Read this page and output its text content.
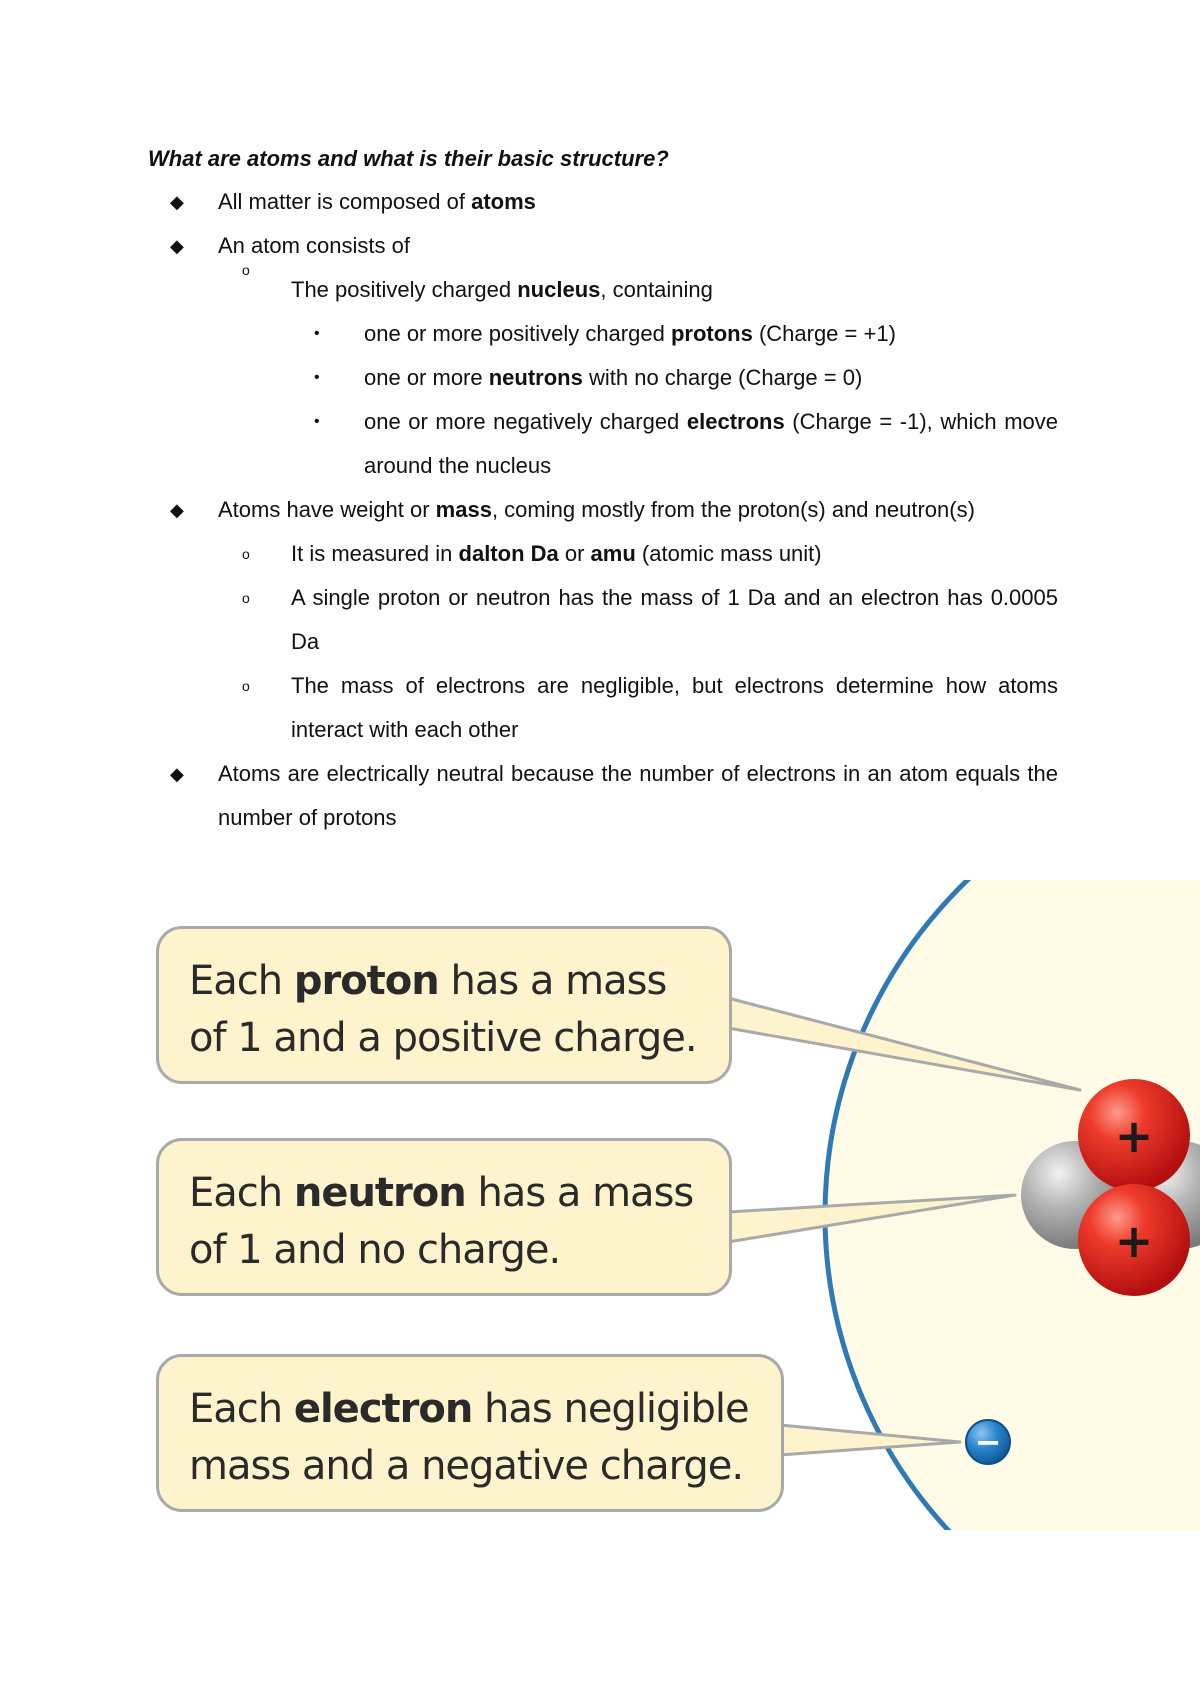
What are atoms and what is their basic structure?
◆ All matter is composed of atoms
◆ An atom consists of
o
The positively charged nucleus, containing
• one or more positively charged protons (Charge = +1)
• one or more neutrons with no charge (Charge = 0)
• one or more negatively charged electrons (Charge = -1), which move around the nucleus
◆ Atoms have weight or mass, coming mostly from the proton(s) and neutron(s)
o It is measured in dalton Da or amu (atomic mass unit)
o A single proton or neutron has the mass of 1 Da and an electron has 0.0005 Da
o The mass of electrons are negligible, but electrons determine how atoms interact with each other
◆ Atoms are electrically neutral because the number of electrons in an atom equals the number of protons
+
+
−
Each proton has a mass of 1 and a positive charge.
Each neutron has a mass of 1 and no charge.
Each electron has negligible mass and a negative charge.
